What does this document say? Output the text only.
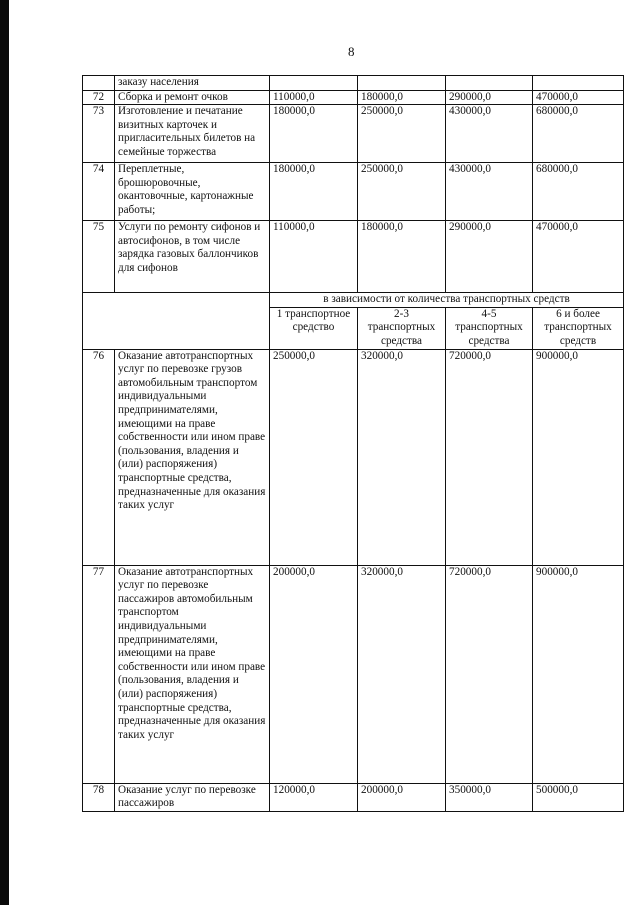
8
	заказу населения				
72	Сборка и ремонт очков	110000,0	180000,0	290000,0	470000,0
73	Изготовление и печатание визитных карточек и пригласительных билетов на семейные торжества	180000,0	250000,0	430000,0	680000,0
74	Переплетные, брошюровочные, окантовочные, картонажные работы;	180000,0	250000,0	430000,0	680000,0
75	Услуги по ремонту сифонов и автосифонов, в том числе зарядка газовых баллончиков для сифонов	110000,0	180000,0	290000,0	470000,0
		в зависимости от количества транспортных средств			
		1 транспортное средство	2-3 транспортных средства	4-5 транспортных средства	6 и более транспортных средств
76	Оказание автотранспортных услуг по перевозке грузов автомобильным транспортом индивидуальными предпринимателями, имеющими на праве собственности или ином праве (пользования, владения и (или) распоряжения) транспортные средства, предназначенные для оказания таких услуг	250000,0	320000,0	720000,0	900000,0
77	Оказание автотранспортных услуг по перевозке пассажиров автомобильным транспортом индивидуальными предпринимателями, имеющими на праве собственности или ином праве (пользования, владения и (или) распоряжения) транспортные средства, предназначенные для оказания таких услуг	200000,0	320000,0	720000,0	900000,0
78	Оказание услуг по перевозке пассажиров	120000,0	200000,0	350000,0	500000,0
